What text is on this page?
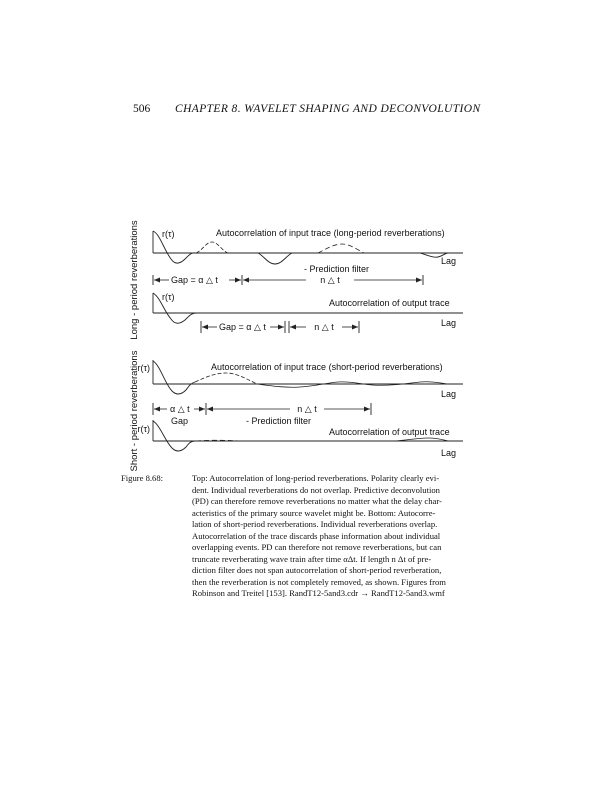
506 CHAPTER 8. WAVELET SHAPING AND DECONVOLUTION
Long - period reverberations
Short - period reverberations
r(τ)	Autocorrelation of input trace (long-period reverberations)
Lag
- Prediction filter
Gap = α △ t	n △ t
r(τ)
Autocorrelation of output trace
Lag
Gap = α △ t	n △ t
r(τ)	Autocorrelation of input trace (short-period reverberations)
Lag
α △ t	n △ t
Gap	- Prediction filter
r(τ)	Autocorrelation of output trace
Lag
Figure 8.68:	Top: Autocorrelation of long-period reverberations. Polarity clearly evi-
dent. Individual reverberations do not overlap. Predictive deconvolution
(PD) can therefore remove reverberations no matter what the delay char-
acteristics of the primary source wavelet might be. Bottom: Autocorre-
lation of short-period reverberations. Individual reverberations overlap.
Autocorrelation of the trace discards phase information about individual
overlapping events. PD can therefore not remove reverberations, but can
truncate reverberating wave train after time αΔt. If length n Δt of pre-
diction filter does not span autocorrelation of short-period reverberation,
then the reverberation is not completely removed, as shown. Figures from
Robinson and Treitel [153]. RandT12-5and3.cdr → RandT12-5and3.wmf
